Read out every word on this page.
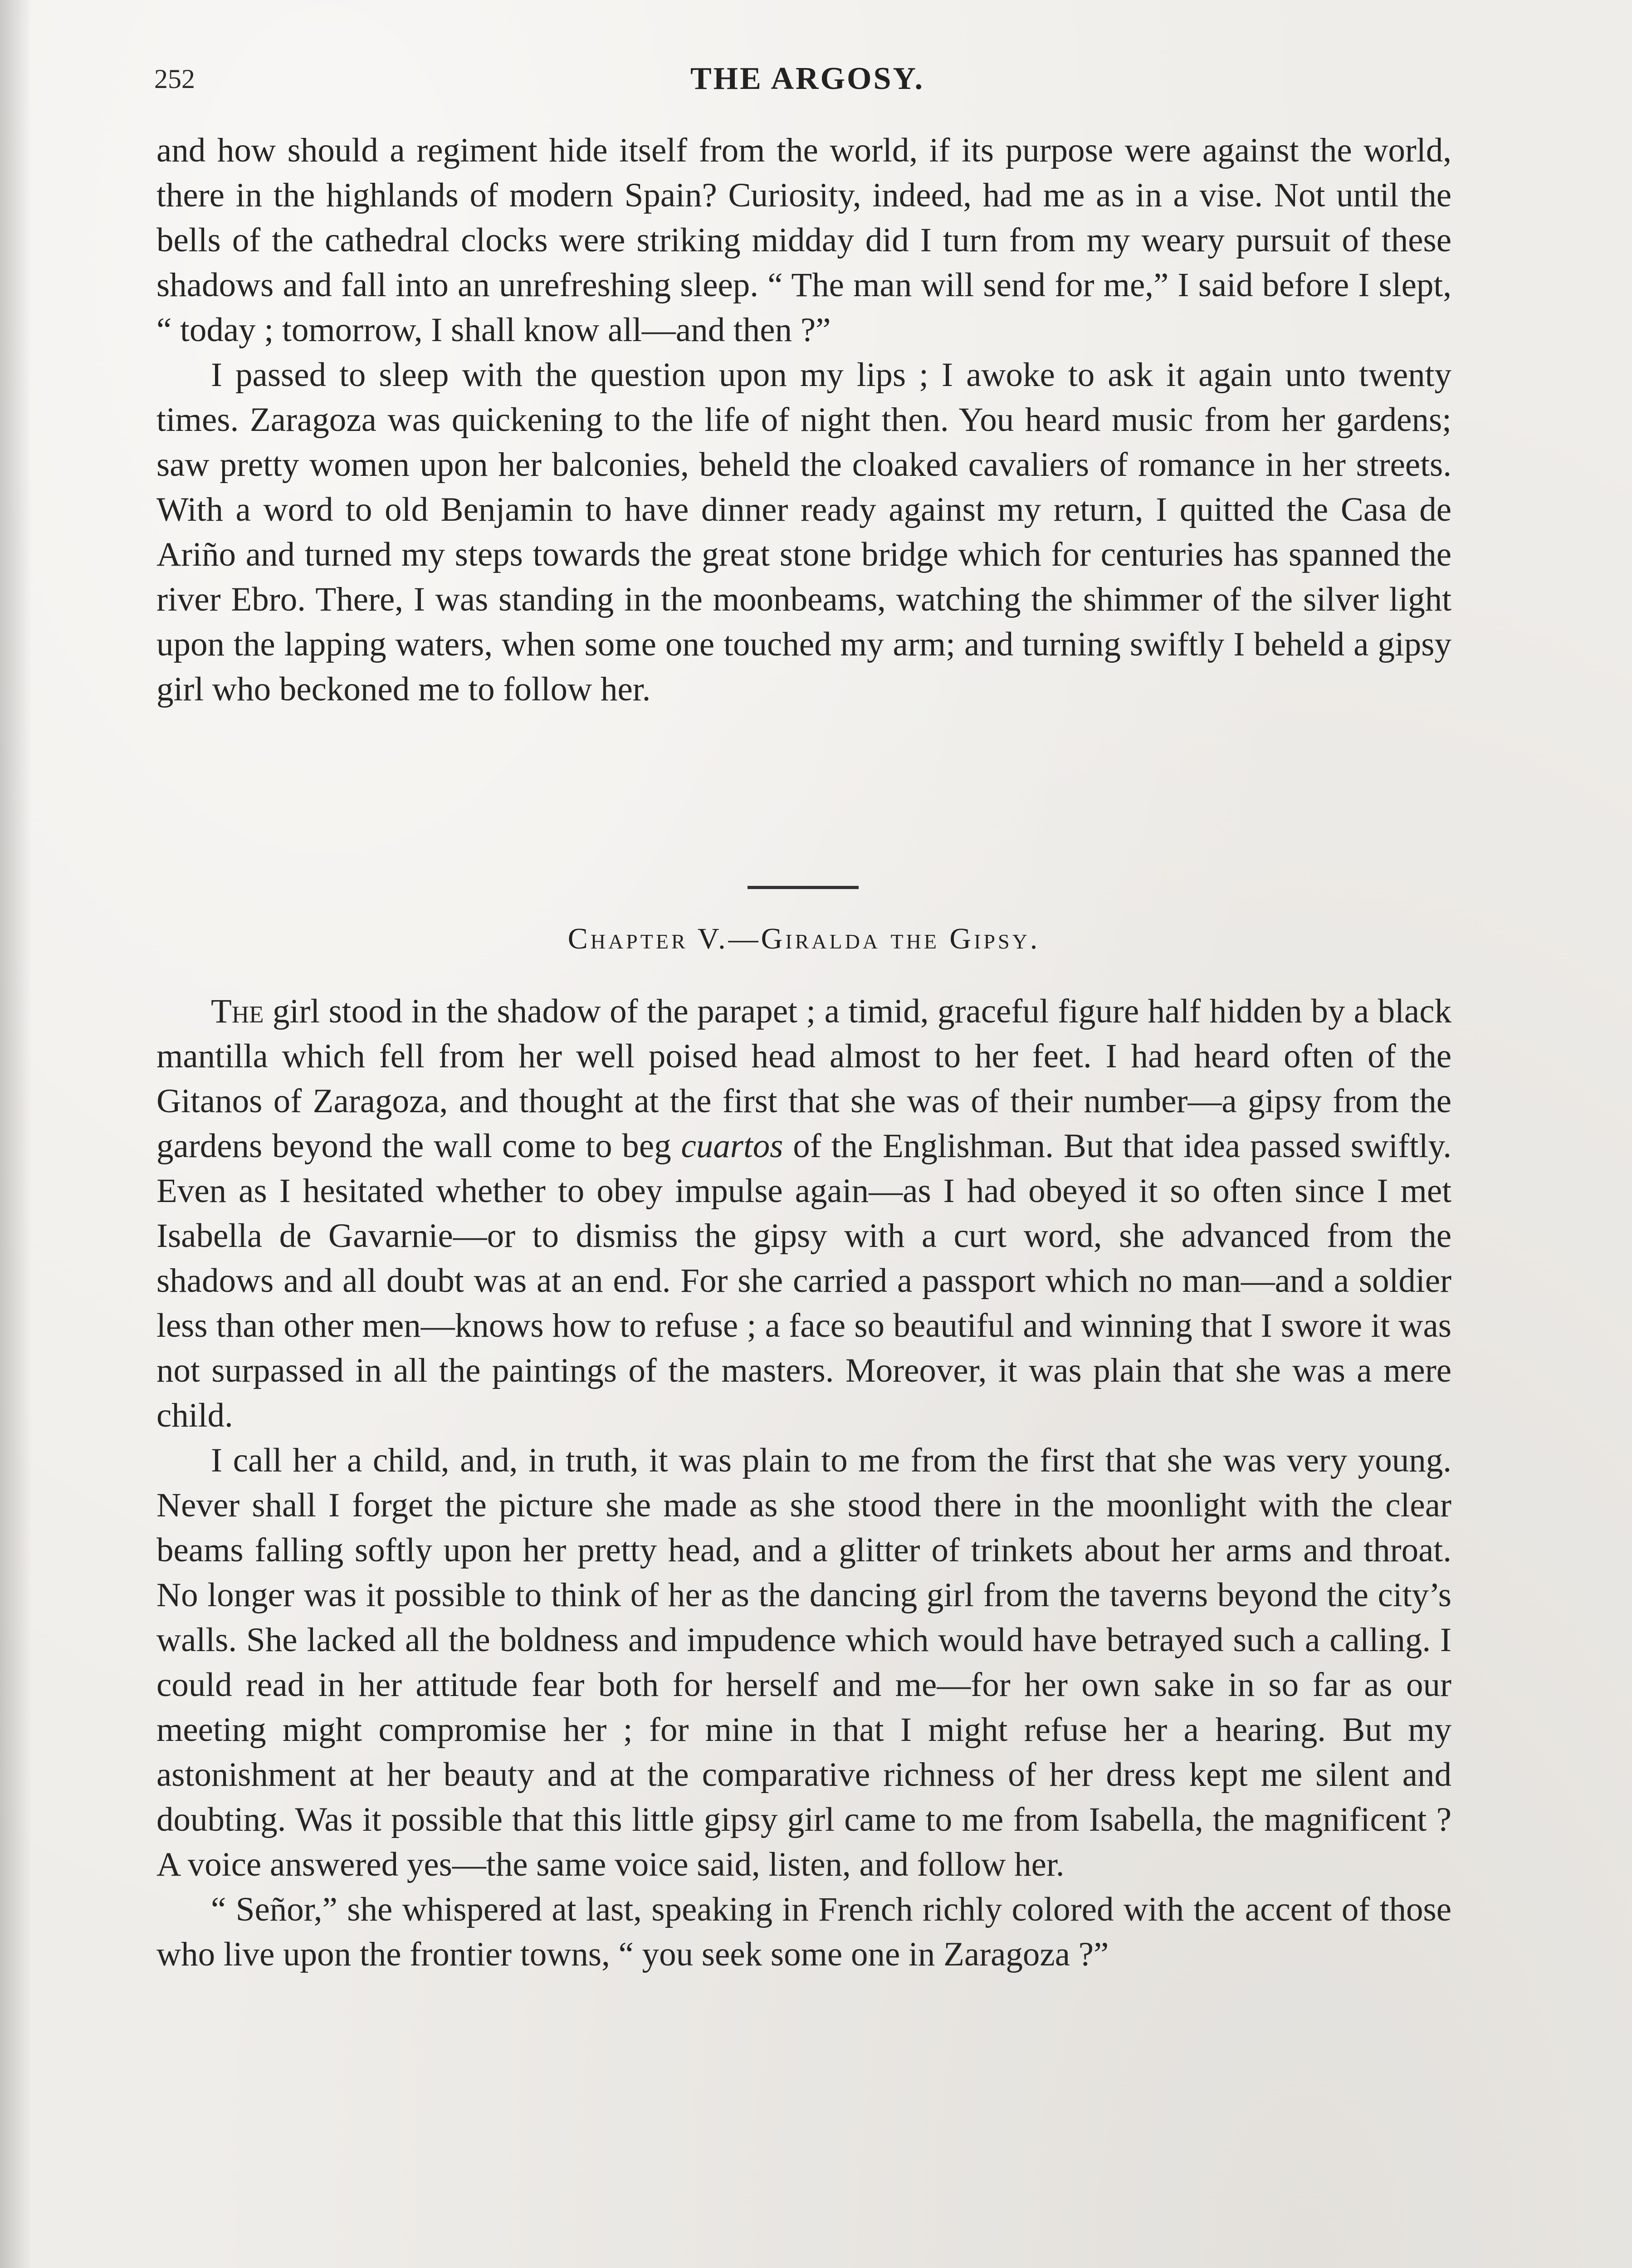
252	THE ARGOSY.

and how should a regiment hide itself from the world, if its purpose were against the world, there in the highlands of modern Spain? Curiosity, indeed, had me as in a vise. Not until the bells of the cathedral clocks were striking midday did I turn from my weary pursuit of these shadows and fall into an unrefreshing sleep. “ The man will send for me,” I said before I slept, “ today ; tomorrow, I shall know all—and then ?”

I passed to sleep with the question upon my lips ; I awoke to ask it again unto twenty times. Zaragoza was quickening to the life of night then. You heard music from her gardens; saw pretty women upon her balconies, beheld the cloaked cavaliers of romance in her streets. With a word to old Benjamin to have dinner ready against my return, I quitted the Casa de Ariño and turned my steps towards the great stone bridge which for centuries has spanned the river Ebro. There, I was standing in the moonbeams, watching the shimmer of the silver light upon the lapping waters, when some one touched my arm; and turning swiftly I beheld a gipsy girl who beckoned me to follow her.

Chapter V.—Giralda the Gipsy.

The girl stood in the shadow of the parapet ; a timid, graceful figure half hidden by a black mantilla which fell from her well poised head almost to her feet. I had heard often of the Gitanos of Zaragoza, and thought at the first that she was of their number—a gipsy from the gardens beyond the wall come to beg cuartos of the Englishman. But that idea passed swiftly. Even as I hesitated whether to obey impulse again—as I had obeyed it so often since I met Isabella de Gavarnie—or to dismiss the gipsy with a curt word, she advanced from the shadows and all doubt was at an end. For she carried a passport which no man—and a soldier less than other men—knows how to refuse ; a face so beautiful and winning that I swore it was not surpassed in all the paintings of the masters. Moreover, it was plain that she was a mere child.

I call her a child, and, in truth, it was plain to me from the first that she was very young. Never shall I forget the picture she made as she stood there in the moonlight with the clear beams falling softly upon her pretty head, and a glitter of trinkets about her arms and throat. No longer was it possible to think of her as the dancing girl from the taverns beyond the city’s walls. She lacked all the boldness and impudence which would have betrayed such a calling. I could read in her attitude fear both for herself and me—for her own sake in so far as our meeting might compromise her ; for mine in that I might refuse her a hearing. But my astonishment at her beauty and at the comparative richness of her dress kept me silent and doubting. Was it possible that this little gipsy girl came to me from Isabella, the magnificent ? A voice answered yes—the same voice said, listen, and follow her.

“ Señor,” she whispered at last, speaking in French richly colored with the accent of those who live upon the frontier towns, “ you seek some one in Zaragoza ?”
